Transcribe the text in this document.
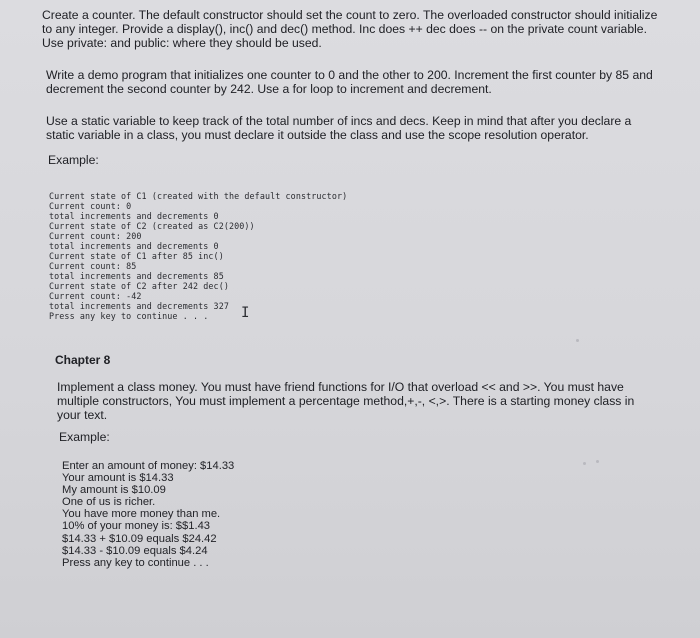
Create a counter. The default constructor should set the count to zero. The overloaded constructor should initialize to any integer. Provide a display(), inc() and dec() method. Inc does ++ dec does -- on the private count variable. Use private: and public: where they should be used.

Write a demo program that initializes one counter to 0 and the other to 200. Increment the first counter by 85 and decrement the second counter by 242. Use a for loop to increment and decrement.

Use a static variable to keep track of the total number of incs and decs. Keep in mind that after you declare a static variable in a class, you must declare it outside the class and use the scope resolution operator.

Example:

Current state of C1 (created with the default constructor)
Current count: 0
total increments and decrements 0
Current state of C2 (created as C2(200))
Current count: 200
total increments and decrements 0
Current state of C1 after 85 inc()
Current count: 85
total increments and decrements 85
Current state of C2 after 242 dec()
Current count: -42
total increments and decrements 327
Press any key to continue . . .	I

Chapter 8

Implement a class money. You must have friend functions for I/O that overload << and >>. You must have multiple constructors, You must implement a percentage method,+,-, <,>. There is a starting money class in your text.

Example:

Enter an amount of money: $14.33
Your amount is $14.33
My amount is $10.09
One of us is richer.
You have more money than me.
10% of your money is: $$1.43
$14.33 + $10.09 equals $24.42
$14.33 - $10.09 equals $4.24
Press any key to continue . . .
